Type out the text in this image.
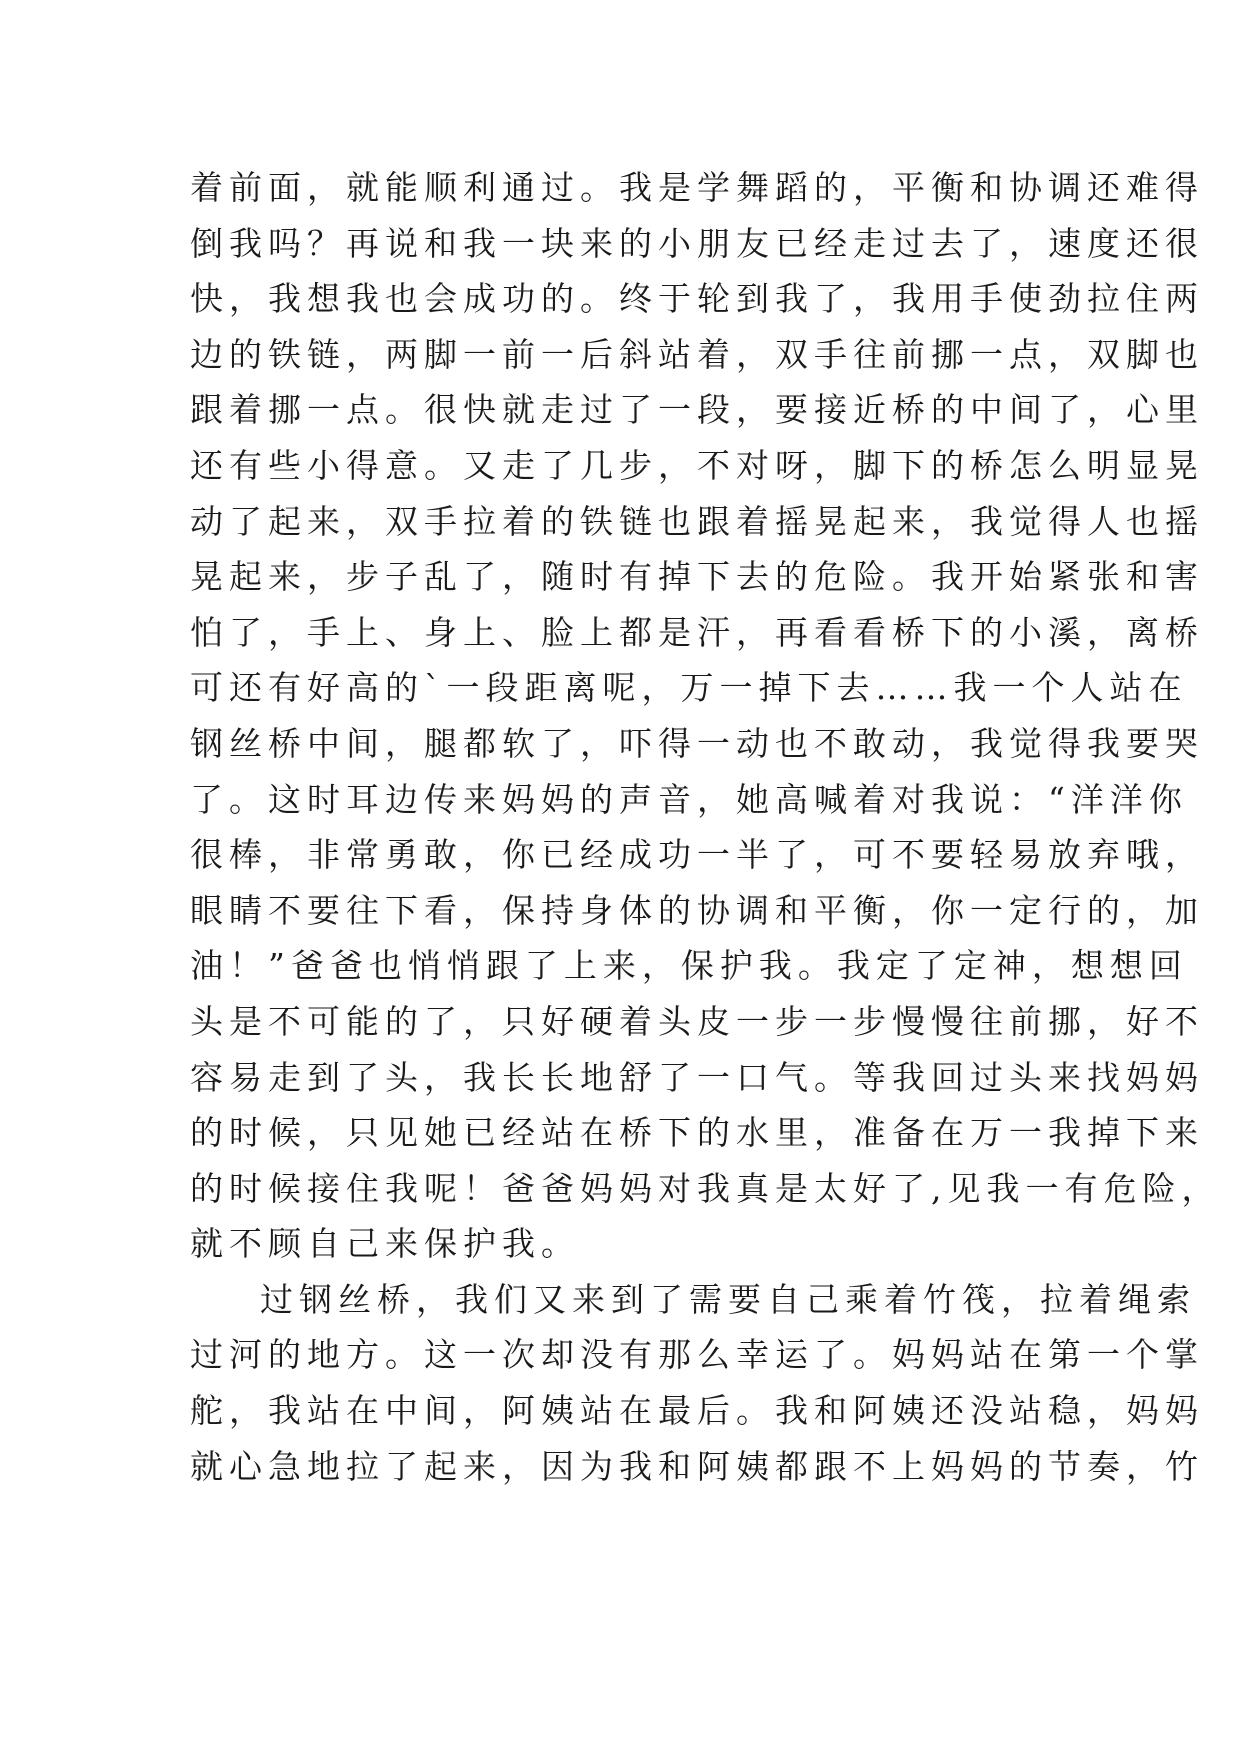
着前面，就能顺利通过。我是学舞蹈的，平衡和协调还难得
倒我吗？再说和我一块来的小朋友已经走过去了，速度还很
快，我想我也会成功的。终于轮到我了，我用手使劲拉住两
边的铁链，两脚一前一后斜站着，双手往前挪一点，双脚也
跟着挪一点。很快就走过了一段，要接近桥的中间了，心里
还有些小得意。又走了几步，不对呀，脚下的桥怎么明显晃
动了起来，双手拉着的铁链也跟着摇晃起来，我觉得人也摇
晃起来，步子乱了，随时有掉下去的危险。我开始紧张和害
怕了，手上、身上、脸上都是汗，再看看桥下的小溪，离桥
可还有好高的`一段距离呢，万一掉下去……我一个人站在
钢丝桥中间，腿都软了，吓得一动也不敢动，我觉得我要哭
了。这时耳边传来妈妈的声音，她高喊着对我说：“洋洋你
很棒，非常勇敢，你已经成功一半了，可不要轻易放弃哦，
眼睛不要往下看，保持身体的协调和平衡，你一定行的，加
油！”爸爸也悄悄跟了上来，保护我。我定了定神，想想回
头是不可能的了，只好硬着头皮一步一步慢慢往前挪，好不
容易走到了头，我长长地舒了一口气。等我回过头来找妈妈
的时候，只见她已经站在桥下的水里，准备在万一我掉下来
的时候接住我呢！爸爸妈妈对我真是太好了,见我一有危险，
就不顾自己来保护我。
过钢丝桥，我们又来到了需要自己乘着竹筏，拉着绳索
过河的地方。这一次却没有那么幸运了。妈妈站在第一个掌
舵，我站在中间，阿姨站在最后。我和阿姨还没站稳，妈妈
就心急地拉了起来，因为我和阿姨都跟不上妈妈的节奏，竹
